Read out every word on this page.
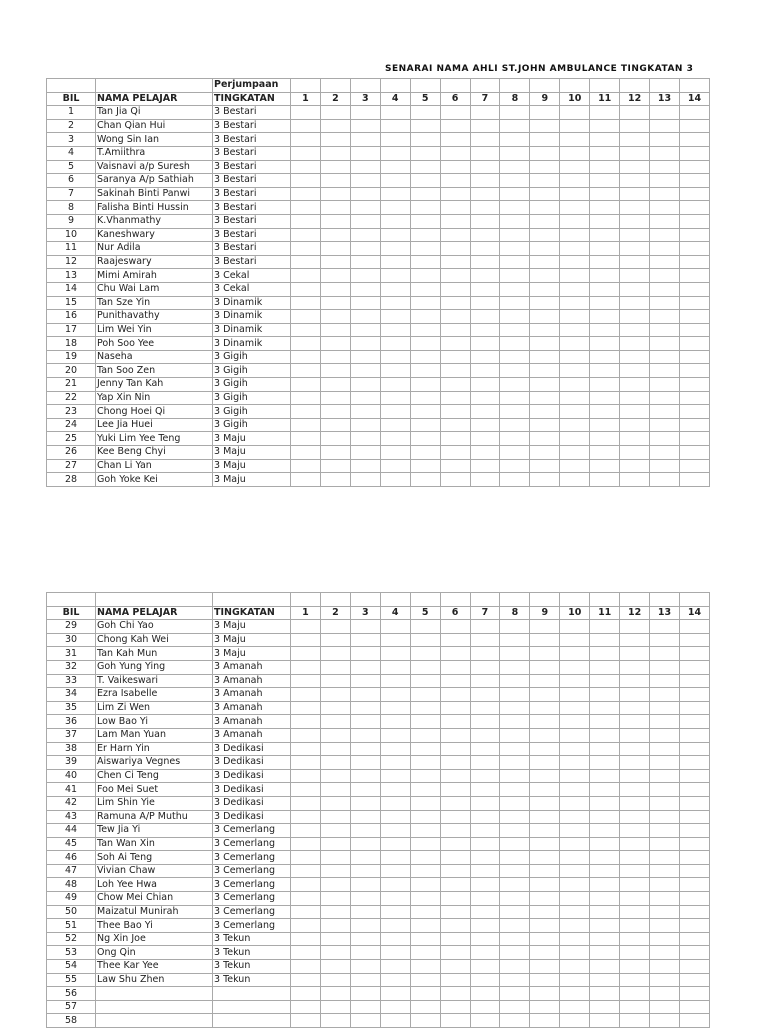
SENARAI NAMA AHLI ST.JOHN AMBULANCE TINGKATAN 3
		Perjumpaan														
BIL	NAMA PELAJAR	TINGKATAN	1	2	3	4	5	6	7	8	9	10	11	12	13	14
1	Tan Jia Qi	3 Bestari														
2	Chan Qian Hui	3 Bestari														
3	Wong Sin Ian	3 Bestari														
4	T.Amiithra	3 Bestari														
5	Vaisnavi a/p Suresh	3 Bestari														
6	Saranya A/p Sathiah	3 Bestari														
7	Sakinah Binti Panwi	3 Bestari														
8	Falisha Binti Hussin	3 Bestari														
9	K.Vhanmathy	3 Bestari														
10	Kaneshwary	3 Bestari														
11	Nur Adila	3 Bestari														
12	Raajeswary	3 Bestari														
13	Mimi Amirah	3 Cekal														
14	Chu Wai Lam	3 Cekal														
15	Tan Sze Yin	3 Dinamik														
16	Punithavathy	3 Dinamik														
17	Lim Wei Yin	3 Dinamik														
18	Poh Soo Yee	3 Dinamik														
19	Naseha	3 Gigih														
20	Tan Soo Zen	3 Gigih														
21	Jenny Tan Kah	3 Gigih														
22	Yap Xin Nin	3 Gigih														
23	Chong Hoei Qi	3 Gigih														
24	Lee Jia Huei	3 Gigih														
25	Yuki Lim Yee Teng	3 Maju														
26	Kee Beng Chyi	3 Maju														
27	Chan Li Yan	3 Maju														
28	Goh Yoke Kei	3 Maju														

BIL	NAMA PELAJAR	TINGKATAN	1	2	3	4	5	6	7	8	9	10	11	12	13	14
29	Goh Chi Yao	3 Maju														
30	Chong Kah Wei	3 Maju														
31	Tan Kah Mun	3 Maju														
32	Goh Yung Ying	3 Amanah														
33	T. Vaikeswari	3 Amanah														
34	Ezra Isabelle	3 Amanah														
35	Lim Zi Wen	3 Amanah														
36	Low Bao Yi	3 Amanah														
37	Lam Man Yuan	3 Amanah														
38	Er Harn Yin	3 Dedikasi														
39	Aiswariya Vegnes	3 Dedikasi														
40	Chen Ci Teng	3 Dedikasi														
41	Foo Mei Suet	3 Dedikasi														
42	Lim Shin Yie	3 Dedikasi														
43	Ramuna A/P Muthu	3 Dedikasi														
44	Tew Jia Yi	3 Cemerlang														
45	Tan Wan Xin	3 Cemerlang														
46	Soh Ai Teng	3 Cemerlang														
47	Vivian Chaw	3 Cemerlang														
48	Loh Yee Hwa	3 Cemerlang														
49	Chow Mei Chian	3 Cemerlang														
50	Maizatul Munirah	3 Cemerlang														
51	Thee Bao Yi	3 Cemerlang														
52	Ng Xin Joe	3 Tekun														
53	Ong Qin	3 Tekun														
54	Thee Kar Yee	3 Tekun														
55	Law Shu Zhen	3 Tekun														
56																
57																
58																
